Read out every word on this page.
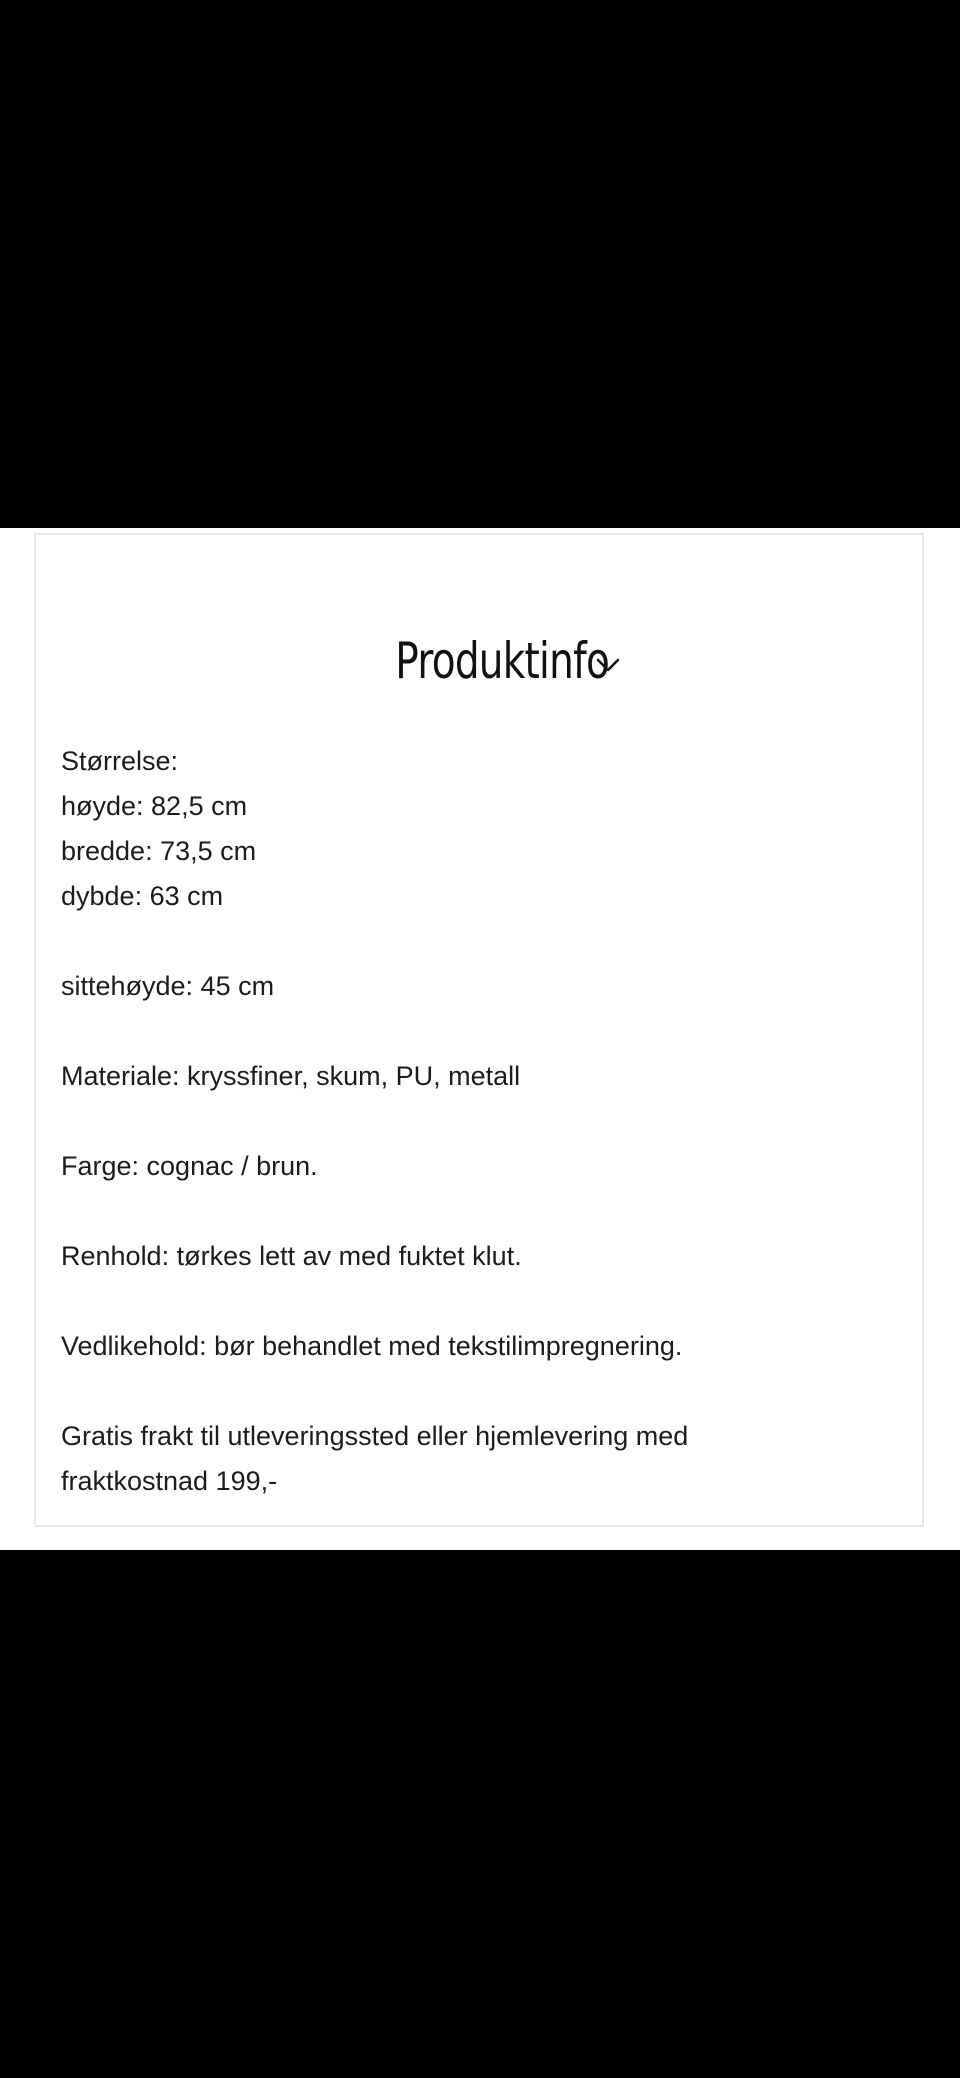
Produktinfo
Størrelse:
høyde: 82,5 cm
bredde: 73,5 cm
dybde: 63 cm
sittehøyde: 45 cm
Materiale: kryssfiner, skum, PU, metall
Farge: cognac / brun.
Renhold: tørkes lett av med fuktet klut.
Vedlikehold: bør behandlet med tekstilimpregnering.
Gratis frakt til utleveringssted eller hjemlevering med
fraktkostnad 199,-
